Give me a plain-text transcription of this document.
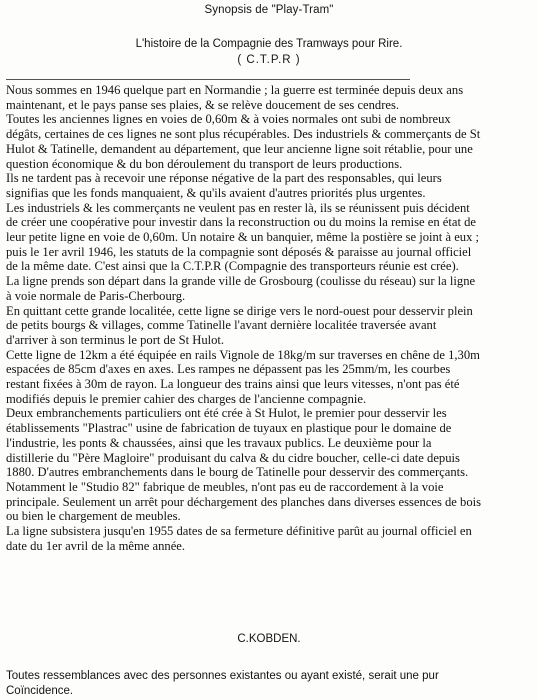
Synopsis de "Play-Tram"
L'histoire de la Compagnie des Tramways pour Rire.
( C.T.P.R )
Nous sommes en 1946 quelque part en Normandie ; la guerre est terminée depuis deux ans
maintenant, et le pays panse ses plaies, & se relève doucement de ses cendres.
Toutes les anciennes lignes en voies de 0,60m & à voies normales ont subi de nombreux
dégâts, certaines de ces lignes ne sont plus récupérables. Des industriels & commerçants de St
Hulot & Tatinelle, demandent au département, que leur ancienne ligne soit rétablie, pour une
question économique & du bon déroulement du transport de leurs productions.
Ils ne tardent pas à recevoir une réponse négative de la part des responsables, qui leurs
signifias que les fonds manquaient, & qu'ils avaient d'autres priorités plus urgentes.
Les industriels & les commerçants ne veulent pas en rester là, ils se réunissent puis décident
de créer une coopérative pour investir dans la reconstruction ou du moins la remise en état de
leur petite ligne en voie de 0,60m. Un notaire & un banquier, même la postière se joint à eux ;
puis le 1er avril 1946, les statuts de la compagnie sont déposés & paraisse au journal officiel
de la même date. C'est ainsi que la C.T.P.R (Compagnie des transporteurs réunie est crée).
La ligne prends son départ dans la grande ville de Grosbourg (coulisse du réseau) sur la ligne
à voie normale de Paris-Cherbourg.
En quittant cette grande localitée, cette ligne se dirige vers le nord-ouest pour desservir plein
de petits bourgs & villages, comme Tatinelle l'avant dernière localitée traversée avant
d'arriver à son terminus le port de St Hulot.
Cette ligne de 12km a été équipée en rails Vignole de 18kg/m sur traverses en chêne de 1,30m
espacées de 85cm d'axes en axes. Les rampes ne dépassent pas les 25mm/m, les courbes
restant fixées à 30m de rayon. La longueur des trains ainsi que leurs vitesses, n'ont pas été
modifiés depuis le premier cahier des charges de l'ancienne compagnie.
Deux embranchements particuliers ont été crée à St Hulot, le premier pour desservir les
établissements "Plastrac" usine de fabrication de tuyaux en plastique pour le domaine de
l'industrie, les ponts & chaussées, ainsi que les travaux publics. Le deuxième pour la
distillerie du "Père Magloire" produisant du calva & du cidre boucher, celle-ci date depuis
1880. D'autres embranchements dans le bourg de Tatinelle pour desservir des commerçants.
Notamment le "Studio 82" fabrique de meubles, n'ont pas eu de raccordement à la voie
principale. Seulement un arrêt pour déchargement des planches dans diverses essences de bois
ou bien le chargement de meubles.
La ligne subsistera jusqu'en 1955 dates de sa fermeture définitive parût au journal officiel en
date du 1er avril de la même année.
C.KOBDEN.
Toutes ressemblances avec des personnes existantes ou ayant existé, serait une pur
Coïncidence.
